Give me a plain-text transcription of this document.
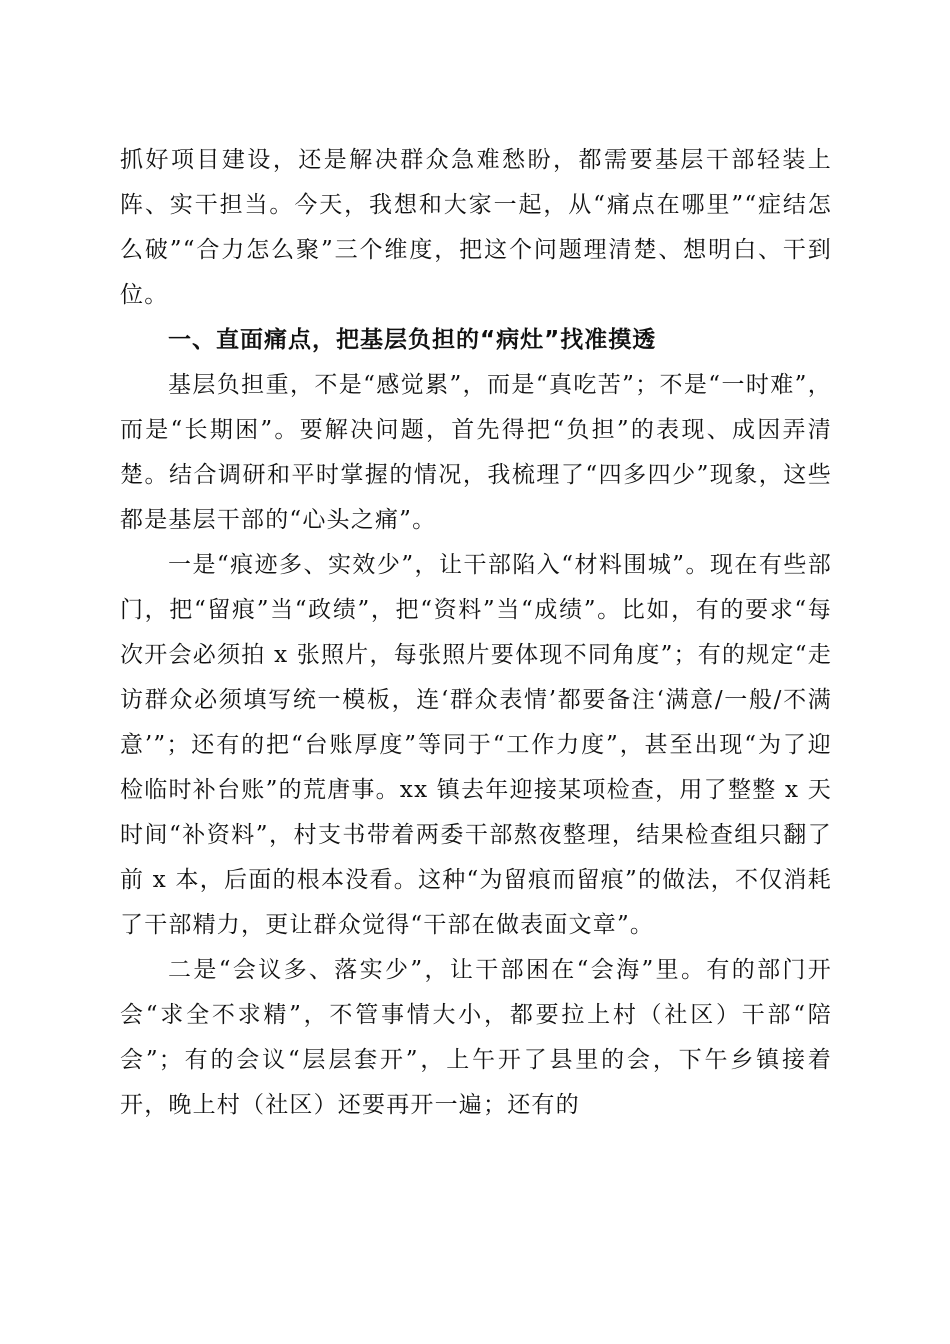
抓好项目建设，还是解决群众急难愁盼，都需要基层干部轻装上阵、实干担当。今天，我想和大家一起，从“痛点在哪里”“症结怎么破”“合力怎么聚”三个维度，把这个问题理清楚、想明白、干到位。

一、直面痛点，把基层负担的“病灶”找准摸透

基层负担重，不是“感觉累”，而是“真吃苦”；不是“一时难”，而是“长期困”。要解决问题，首先得把“负担”的表现、成因弄清楚。结合调研和平时掌握的情况，我梳理了“四多四少”现象，这些都是基层干部的“心头之痛”。

一是“痕迹多、实效少”，让干部陷入“材料围城”。现在有些部门，把“留痕”当“政绩”，把“资料”当“成绩”。比如，有的要求“每次开会必须拍 x 张照片，每张照片要体现不同角度”；有的规定“走访群众必须填写统一模板，连‘群众表情’都要备注‘满意/一般/不满意’”；还有的把“台账厚度”等同于“工作力度”，甚至出现“为了迎检临时补台账”的荒唐事。xx 镇去年迎接某项检查，用了整整 x 天时间“补资料”，村支书带着两委干部熬夜整理，结果检查组只翻了前 x 本，后面的根本没看。这种“为留痕而留痕”的做法，不仅消耗了干部精力，更让群众觉得“干部在做表面文章”。

二是“会议多、落实少”，让干部困在“会海”里。有的部门开会“求全不求精”，不管事情大小，都要拉上村（社区）干部“陪会”；有的会议“层层套开”，上午开了县里的会，下午乡镇接着开，晚上村（社区）还要再开一遍；还有的
